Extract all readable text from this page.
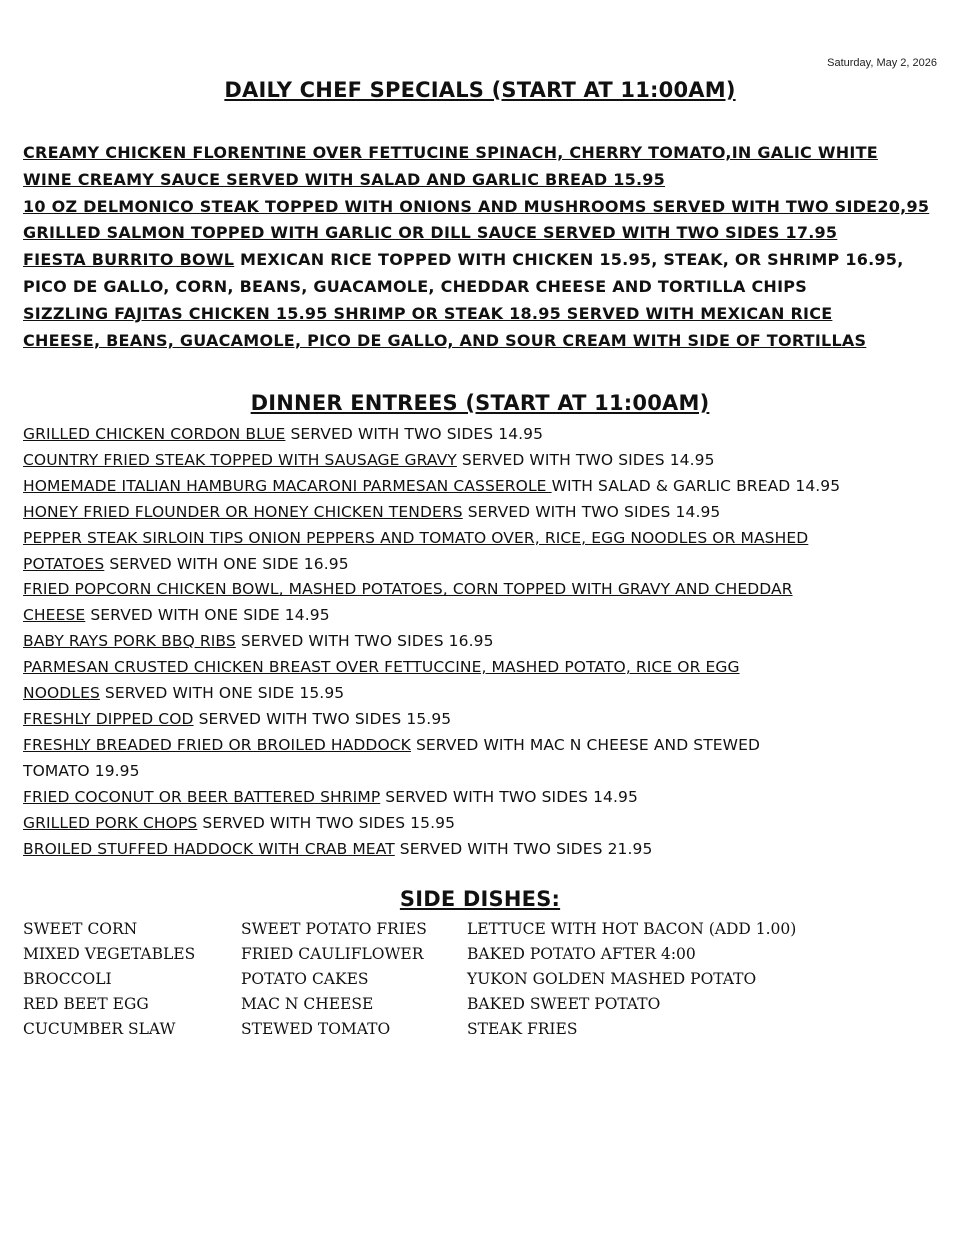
Saturday, May 2, 2026
DAILY CHEF SPECIALS (START AT 11:00AM)
CREAMY CHICKEN FLORENTINE OVER FETTUCINE SPINACH, CHERRY TOMATO,IN GALIC WHITE
WINE CREAMY SAUCE SERVED WITH SALAD AND GARLIC BREAD 15.95
10 OZ DELMONICO STEAK TOPPED WITH ONIONS AND MUSHROOMS SERVED WITH TWO SIDE20,95
GRILLED SALMON TOPPED WITH GARLIC OR DILL SAUCE SERVED WITH TWO SIDES 17.95
FIESTA BURRITO BOWL MEXICAN RICE TOPPED WITH CHICKEN 15.95, STEAK, OR SHRIMP 16.95,
PICO DE GALLO, CORN, BEANS, GUACAMOLE, CHEDDAR CHEESE AND TORTILLA CHIPS
SIZZLING FAJITAS CHICKEN 15.95 SHRIMP OR STEAK 18.95 SERVED WITH MEXICAN RICE
CHEESE, BEANS, GUACAMOLE, PICO DE GALLO, AND SOUR CREAM WITH SIDE OF TORTILLAS
DINNER ENTREES (START AT 11:00AM)
GRILLED CHICKEN CORDON BLUE SERVED WITH TWO SIDES 14.95
COUNTRY FRIED STEAK TOPPED WITH SAUSAGE GRAVY SERVED WITH TWO SIDES 14.95
HOMEMADE ITALIAN HAMBURG MACARONI PARMESAN CASSEROLE WITH SALAD & GARLIC BREAD 14.95
HONEY FRIED FLOUNDER OR HONEY CHICKEN TENDERS SERVED WITH TWO SIDES 14.95
PEPPER STEAK SIRLOIN TIPS ONION PEPPERS AND TOMATO OVER, RICE, EGG NOODLES OR MASHED
POTATOES SERVED WITH ONE SIDE 16.95
FRIED POPCORN CHICKEN BOWL, MASHED POTATOES, CORN TOPPED WITH GRAVY AND CHEDDAR
CHEESE SERVED WITH ONE SIDE 14.95
BABY RAYS PORK BBQ RIBS SERVED WITH TWO SIDES 16.95
PARMESAN CRUSTED CHICKEN BREAST OVER FETTUCCINE, MASHED POTATO, RICE OR EGG
NOODLES SERVED WITH ONE SIDE 15.95
FRESHLY DIPPED COD SERVED WITH TWO SIDES 15.95
FRESHLY BREADED FRIED OR BROILED HADDOCK SERVED WITH MAC N CHEESE AND STEWED
TOMATO 19.95
FRIED COCONUT OR BEER BATTERED SHRIMP SERVED WITH TWO SIDES 14.95
GRILLED PORK CHOPS SERVED WITH TWO SIDES 15.95
BROILED STUFFED HADDOCK WITH CRAB MEAT SERVED WITH TWO SIDES 21.95
SIDE DISHES:
SWEET CORN
MIXED VEGETABLES
BROCCOLI
RED BEET EGG
CUCUMBER SLAW
SWEET POTATO FRIES
FRIED CAULIFLOWER
POTATO CAKES
MAC N CHEESE
STEWED TOMATO
LETTUCE WITH HOT BACON (ADD 1.00)
BAKED POTATO AFTER 4:00
YUKON GOLDEN MASHED POTATO
BAKED SWEET POTATO
STEAK FRIES
